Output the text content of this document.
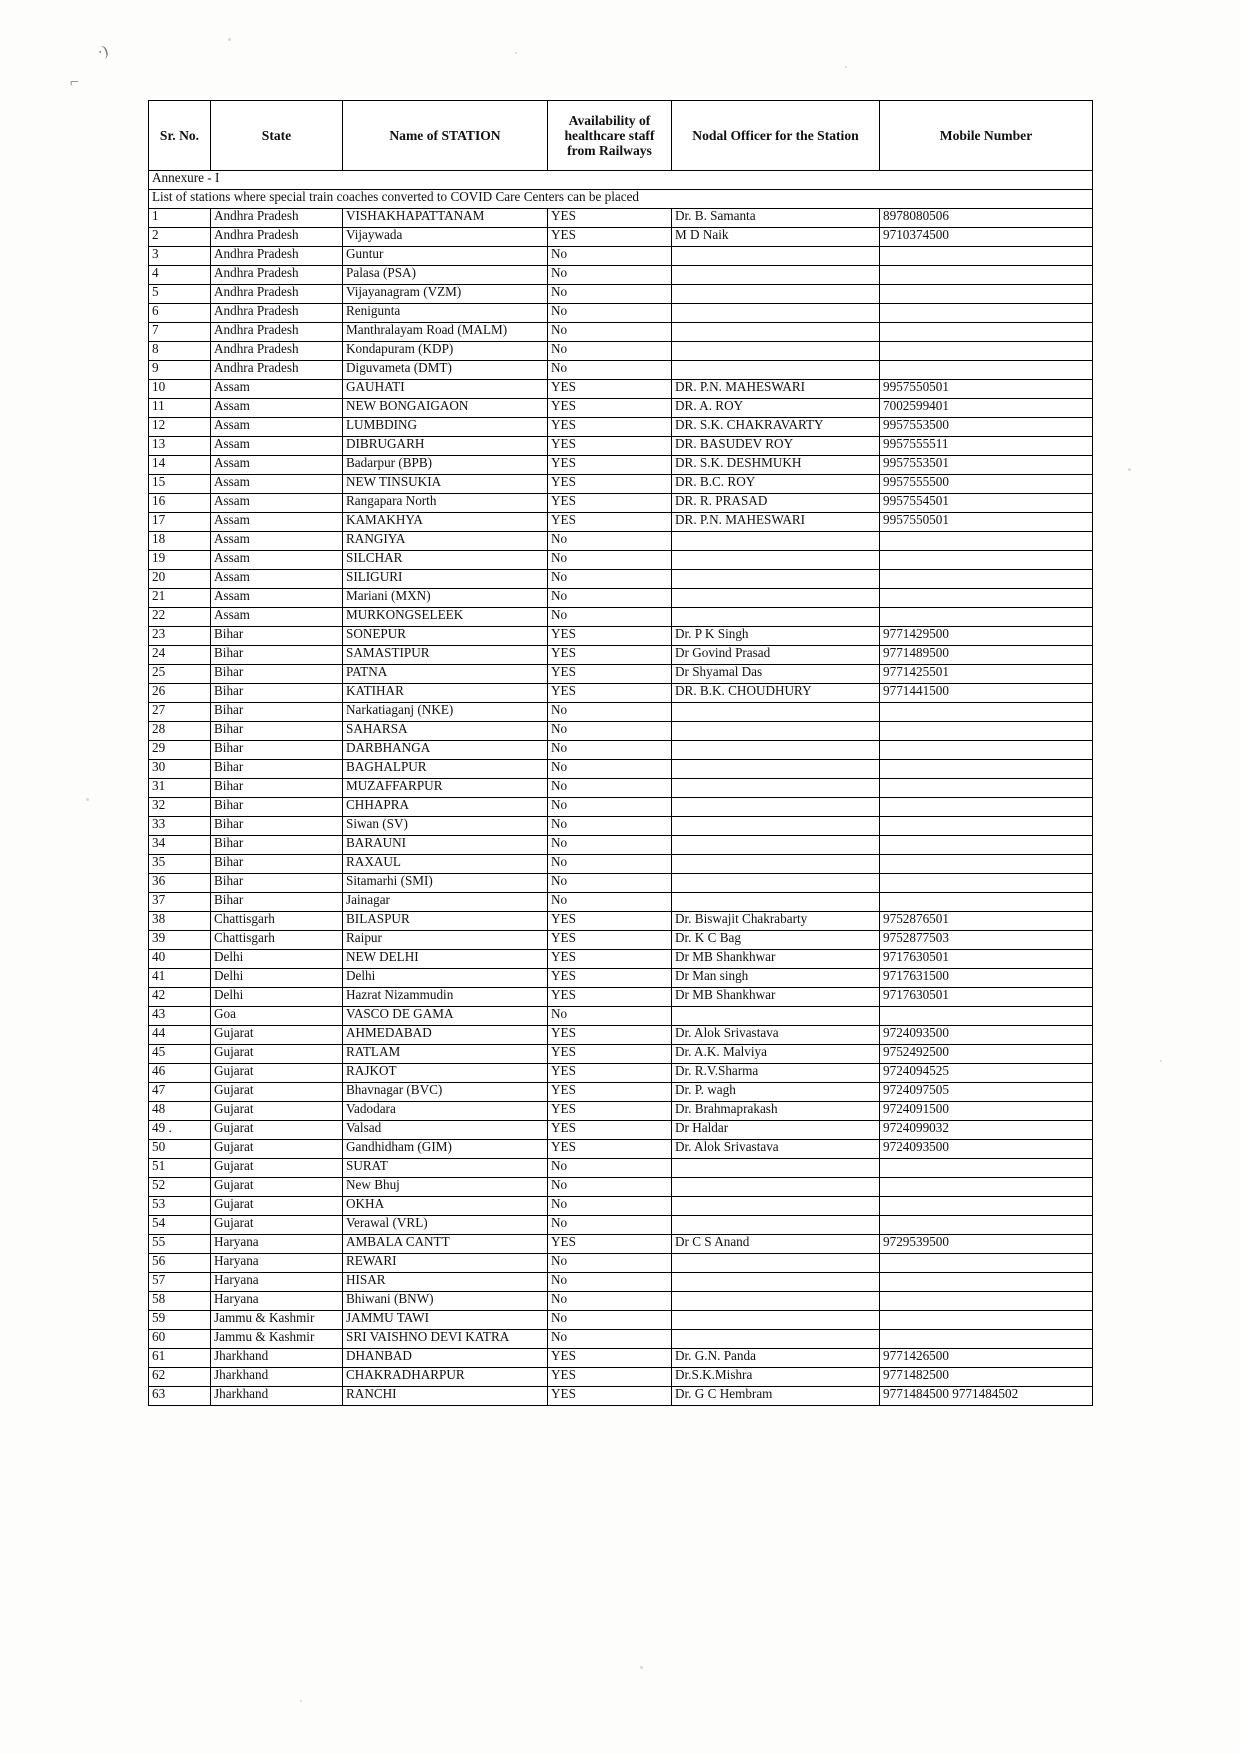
·)
⌐
Annexure - I					
List of stations where special train coaches converted to COVID Care Centers can be placed					
Sr. No.	State	Name of STATION	Availability of healthcare staff from Railways	Nodal Officer for the Station	Mobile Number
1	Andhra Pradesh	VISHAKHAPATTANAM	YES	Dr. B. Samanta	8978080506
2	Andhra Pradesh	Vijaywada	YES	M D Naik	9710374500
3	Andhra Pradesh	Guntur	No		
4	Andhra Pradesh	Palasa (PSA)	No		
5	Andhra Pradesh	Vijayanagram (VZM)	No		
6	Andhra Pradesh	Renigunta	No		
7	Andhra Pradesh	Manthralayam Road (MALM)	No		
8	Andhra Pradesh	Kondapuram (KDP)	No		
9	Andhra Pradesh	Diguvameta (DMT)	No		
10	Assam	GAUHATI	YES	DR. P.N. MAHESWARI	9957550501
11	Assam	NEW BONGAIGAON	YES	DR. A. ROY	7002599401
12	Assam	LUMBDING	YES	DR. S.K. CHAKRAVARTY	9957553500
13	Assam	DIBRUGARH	YES	DR. BASUDEV ROY	9957555511
14	Assam	Badarpur (BPB)	YES	DR. S.K. DESHMUKH	9957553501
15	Assam	NEW TINSUKIA	YES	DR. B.C. ROY	9957555500
16	Assam	Rangapara North	YES	DR. R. PRASAD	9957554501
17	Assam	KAMAKHYA	YES	DR. P.N. MAHESWARI	9957550501
18	Assam	RANGIYA	No		
19	Assam	SILCHAR	No		
20	Assam	SILIGURI	No		
21	Assam	Mariani (MXN)	No		
22	Assam	MURKONGSELEEK	No		
23	Bihar	SONEPUR	YES	Dr. P K Singh	9771429500
24	Bihar	SAMASTIPUR	YES	Dr Govind Prasad	9771489500
25	Bihar	PATNA	YES	Dr Shyamal Das	9771425501
26	Bihar	KATIHAR	YES	DR. B.K. CHOUDHURY	9771441500
27	Bihar	Narkatiaganj (NKE)	No		
28	Bihar	SAHARSA	No		
29	Bihar	DARBHANGA	No		
30	Bihar	BAGHALPUR	No		
31	Bihar	MUZAFFARPUR	No		
32	Bihar	CHHAPRA	No		
33	Bihar	Siwan (SV)	No		
34	Bihar	BARAUNI	No		
35	Bihar	RAXAUL	No		
36	Bihar	Sitamarhi (SMI)	No		
37	Bihar	Jainagar	No		
38	Chattisgarh	BILASPUR	YES	Dr. Biswajit Chakrabarty	9752876501
39	Chattisgarh	Raipur	YES	Dr. K C Bag	9752877503
40	Delhi	NEW DELHI	YES	Dr MB Shankhwar	9717630501
41	Delhi	Delhi	YES	Dr Man singh	9717631500
42	Delhi	Hazrat Nizammudin	YES	Dr MB Shankhwar	9717630501
43	Goa	VASCO DE GAMA	No		
44	Gujarat	AHMEDABAD	YES	Dr. Alok Srivastava	9724093500
45	Gujarat	RATLAM	YES	Dr. A.K. Malviya	9752492500
46	Gujarat	RAJKOT	YES	Dr. R.V.Sharma	9724094525
47	Gujarat	Bhavnagar (BVC)	YES	Dr. P. wagh	9724097505
48	Gujarat	Vadodara	YES	Dr. Brahmaprakash	9724091500
49 .	Gujarat	Valsad	YES	Dr Haldar	9724099032
50	Gujarat	Gandhidham (GIM)	YES	Dr. Alok Srivastava	9724093500
51	Gujarat	SURAT	No		
52	Gujarat	New Bhuj	No		
53	Gujarat	OKHA	No		
54	Gujarat	Verawal (VRL)	No		
55	Haryana	AMBALA CANTT	YES	Dr C S Anand	9729539500
56	Haryana	REWARI	No		
57	Haryana	HISAR	No		
58	Haryana	Bhiwani (BNW)	No		
59	Jammu & Kashmir	JAMMU TAWI	No		
60	Jammu & Kashmir	SRI VAISHNO DEVI KATRA	No		
61	Jharkhand	DHANBAD	YES	Dr. G.N. Panda	9771426500
62	Jharkhand	CHAKRADHARPUR	YES	Dr.S.K.Mishra	9771482500
63	Jharkhand	RANCHI	YES	Dr. G C Hembram	9771484500 9771484502
